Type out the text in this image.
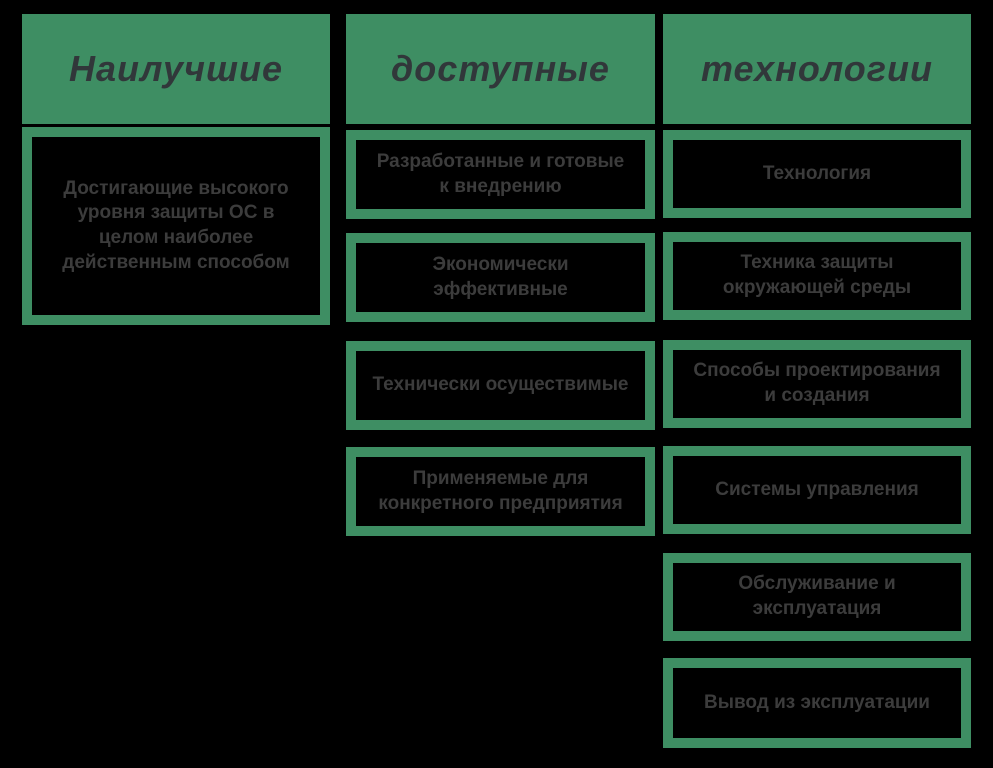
Наилучшие
Достигающие высокого уровня защиты ОС в целом наиболее действенным способом
доступные
Разработанные и готовые к внедрению
Экономически эффективные
Технически осуществимые
Применяемые для конкретного предприятия
технологии
Технология
Техника защиты окружающей среды
Способы проектирования и создания
Системы управления
Обслуживание и эксплуатация
Вывод из эксплуатации
